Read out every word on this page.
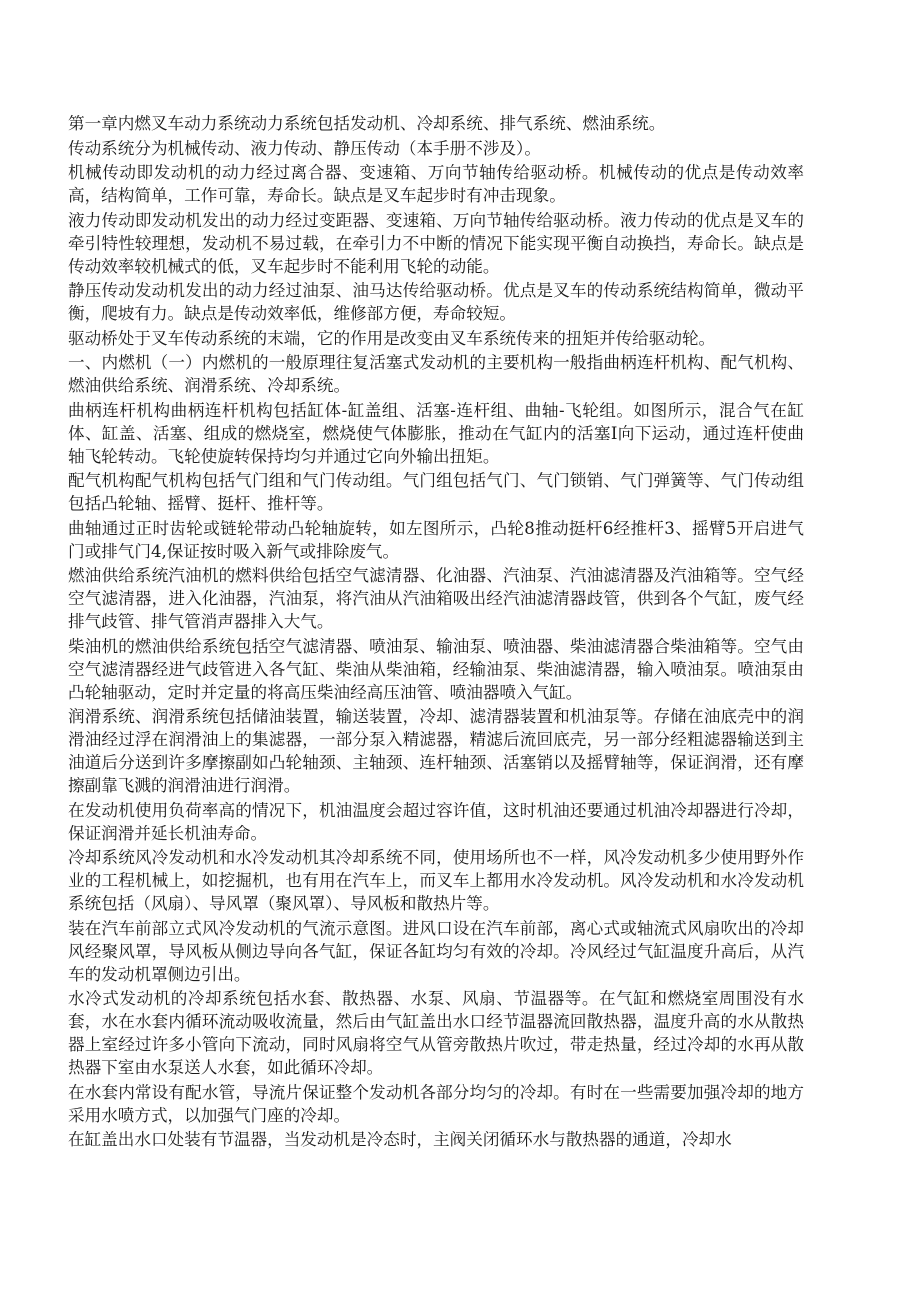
第一章内燃叉车动力系统动力系统包括发动机、冷却系统、排气系统、燃油系统。

传动系统分为机械传动、液力传动、静压传动（本手册不涉及）。

机械传动即发动机的动力经过离合器、变速箱、万向节轴传给驱动桥。机械传动的优点是传动效率高，结构简单，工作可靠，寿命长。缺点是叉车起步时有冲击现象。

液力传动即发动机发出的动力经过变距器、变速箱、万向节轴传给驱动桥。液力传动的优点是叉车的牵引特性较理想，发动机不易过载，在牵引力不中断的情况下能实现平衡自动换挡，寿命长。缺点是传动效率较机械式的低，叉车起步时不能利用飞轮的动能。

静压传动发动机发出的动力经过油泵、油马达传给驱动桥。优点是叉车的传动系统结构简单，微动平衡，爬坡有力。缺点是传动效率低，维修部方便，寿命较短。

驱动桥处于叉车传动系统的末端，它的作用是改变由叉车系统传来的扭矩并传给驱动轮。

一、内燃机（一）内燃机的一般原理往复活塞式发动机的主要机构一般指曲柄连杆机构、配气机构、燃油供给系统、润滑系统、冷却系统。

曲柄连杆机构曲柄连杆机构包括缸体-缸盖组、活塞-连杆组、曲轴-飞轮组。如图所示，混合气在缸体、缸盖、活塞、组成的燃烧室，燃烧使气体膨胀，推动在气缸内的活塞I向下运动，通过连杆使曲轴飞轮转动。飞轮使旋转保持均匀并通过它向外输出扭矩。

配气机构配气机构包括气门组和气门传动组。气门组包括气门、气门锁销、气门弹簧等、气门传动组包括凸轮轴、摇臂、挺杆、推杆等。

曲轴通过正时齿轮或链轮带动凸轮轴旋转，如左图所示，凸轮8推动挺杆6经推杆3、摇臂5开启进气门或排气门4,保证按时吸入新气或排除废气。

燃油供给系统汽油机的燃料供给包括空气滤清器、化油器、汽油泵、汽油滤清器及汽油箱等。空气经空气滤清器，进入化油器，汽油泵，将汽油从汽油箱吸出经汽油滤清器歧管，供到各个气缸，废气经排气歧管、排气管消声器排入大气。

柴油机的燃油供给系统包括空气滤清器、喷油泵、输油泵、喷油器、柴油滤清器合柴油箱等。空气由空气滤清器经进气歧管进入各气缸、柴油从柴油箱，经输油泵、柴油滤清器，输入喷油泵。喷油泵由凸轮轴驱动，定时并定量的将高压柴油经高压油管、喷油器喷入气缸。

润滑系统、润滑系统包括储油装置，输送装置，冷却、滤清器装置和机油泵等。存储在油底壳中的润滑油经过浮在润滑油上的集滤器，一部分泵入精滤器，精滤后流回底壳，另一部分经粗滤器输送到主油道后分送到许多摩擦副如凸轮轴颈、主轴颈、连杆轴颈、活塞销以及摇臂轴等，保证润滑，还有摩擦副靠飞溅的润滑油进行润滑。

在发动机使用负荷率高的情况下，机油温度会超过容许值，这时机油还要通过机油冷却器进行冷却，保证润滑并延长机油寿命。

冷却系统风冷发动机和水冷发动机其冷却系统不同，使用场所也不一样，风冷发动机多少使用野外作业的工程机械上，如挖掘机，也有用在汽车上，而叉车上都用水冷发动机。风冷发动机和水冷发动机系统包括（风扇）、导风罩（聚风罩）、导风板和散热片等。

装在汽车前部立式风冷发动机的气流示意图。进风口设在汽车前部，离心式或轴流式风扇吹出的冷却风经聚风罩，导风板从侧边导向各气缸，保证各缸均匀有效的冷却。冷风经过气缸温度升高后，从汽车的发动机罩侧边引出。

水冷式发动机的冷却系统包括水套、散热器、水泵、风扇、节温器等。在气缸和燃烧室周围没有水套，水在水套内循环流动吸收流量，然后由气缸盖出水口经节温器流回散热器，温度升高的水从散热器上室经过许多小管向下流动，同时风扇将空气从管旁散热片吹过，带走热量，经过冷却的水再从散热器下室由水泵送人水套，如此循环冷却。

在水套内常设有配水管，导流片保证整个发动机各部分均匀的冷却。有时在一些需要加强冷却的地方采用水喷方式，以加强气门座的冷却。

在缸盖出水口处装有节温器，当发动机是冷态时，主阀关闭循环水与散热器的通道，冷却水
